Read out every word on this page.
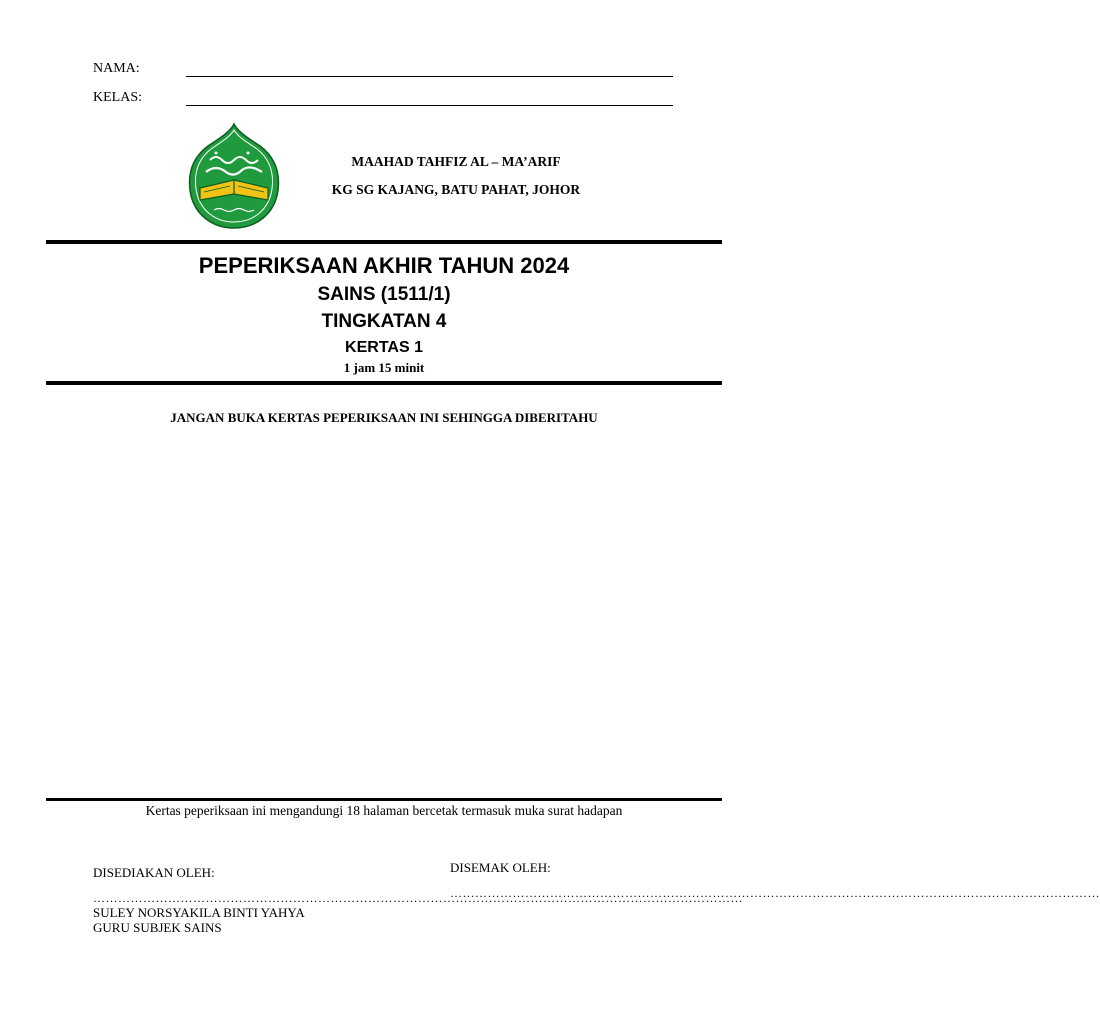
NAMA:
KELAS:
MAAHAD TAHFIZ AL – MA’ARIF
KG SG KAJANG, BATU PAHAT, JOHOR
PEPERIKSAAN AKHIR TAHUN 2024
SAINS (1511/1)
TINGKATAN 4
KERTAS 1
1 jam 15 minit
JANGAN BUKA KERTAS PEPERIKSAAN INI SEHINGGA DIBERITAHU
Kertas peperiksaan ini mengandungi 18 halaman bercetak termasuk muka surat hadapan
DISEDIAKAN OLEH:
…………………………………………………………………………………………………………………………………………
SULEY NORSYAKILA BINTI YAHYA
GURU SUBJEK SAINS
DISEMAK OLEH:
…………………………………………………………………………………………………………………………………………
